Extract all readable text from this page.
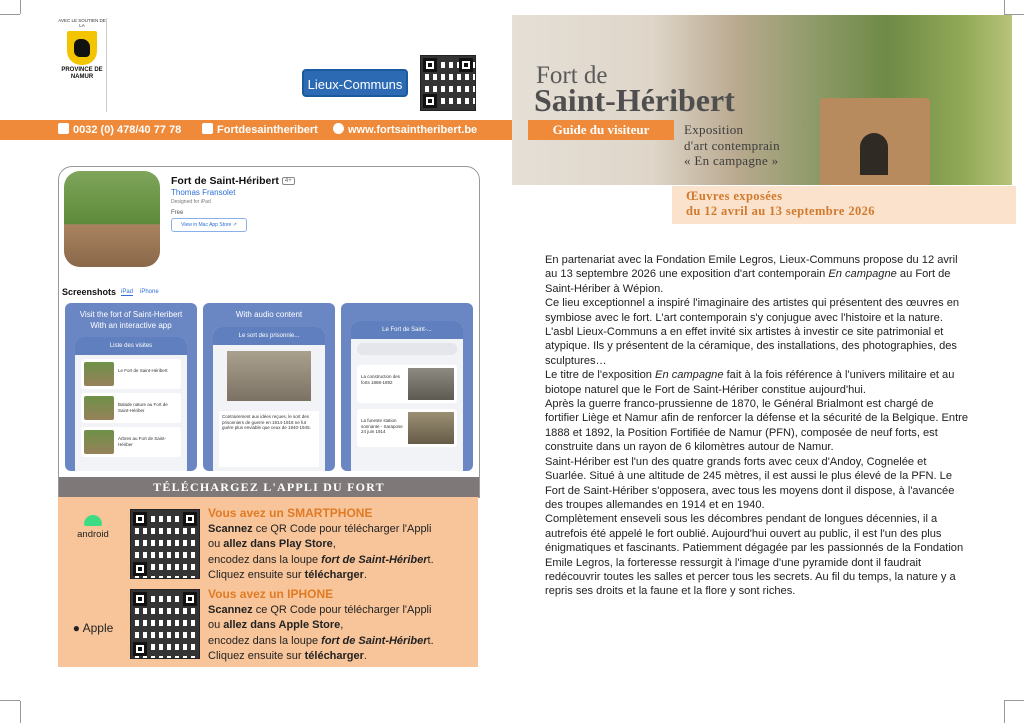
AVEC LE SOUTIEN DE LA
PROVINCE DE NAMUR	Lieux-Communs
0032 (0) 478/40 77 78	Fortdesaintheribert	www.fortsaintheribert.be
Fort de
Saint-Héribert
Guide du visiteur	Exposition
d'art contemprain
« En campagne »
Œuvres exposées
du 12 avril au 13 septembre 2026
Fort de Saint-Héribert 4+
Thomas Fransolet
Designed for iPad
Free
View in Mac App Store ↗
Screenshots iPad iPhone
Visit the fort of Saint-Heribert
With an interactive app
Liste des visites
Le Fort de Saint-Héribert
Balade nature au Fort de Saint-Hériber
Arbres au Fort de Saint-Hériber
With audio content
Le sort des prisonnie...
Contrairement aux idées reçues, le sort des prisonniers de guerre en 1914-1918 ne fut guère plus enviable que ceux de 1940-1945.
Le Fort de Saint-...
La construction des forts 1888-1892
La funeste station sonnante - Sarapose 24 juin 1914
TÉLÉCHARGEZ L'APPLI DU FORT
android
Vous avez un SMARTPHONE
Scannez ce QR Code pour télécharger l'Appli
ou allez dans Play Store,
encodez dans la loupe fort de Saint-Héribert.
Cliquez ensuite sur télécharger.
● Apple
Vous avez un IPHONE
Scannez ce QR Code pour télécharger l'Appli
ou allez dans Apple Store,
encodez dans la loupe fort de Saint-Héribert.
Cliquez ensuite sur télécharger.

En partenariat avec la Fondation Emile Legros, Lieux-Communs propose du 12 avril au 13 septembre 2026 une exposition d'art contemporain En campagne au Fort de Saint-Hériber à Wépion.

Ce lieu exceptionnel a inspiré l'imaginaire des artistes qui présentent des œuvres en symbiose avec le fort. L'art contemporain s'y conjugue avec l'histoire et la nature.

L'asbl Lieux-Communs a en effet invité six artistes à investir ce site patrimonial et atypique. Ils y présentent de la céramique, des installations, des photographies, des sculptures…

Le titre de l'exposition En campagne fait à la fois référence à l'univers militaire et au biotope naturel que le Fort de Saint-Hériber constitue aujourd'hui.

Après la guerre franco-prussienne de 1870, le Général Brialmont est chargé de fortifier Liège et Namur afin de renforcer la défense et la sécurité de la Belgique. Entre 1888 et 1892, la Position Fortifiée de Namur (PFN), composée de neuf forts, est construite dans un rayon de 6 kilomètres autour de Namur.

Saint-Hériber est l'un des quatre grands forts avec ceux d'Andoy, Cognelée et Suarlée. Situé à une altitude de 245 mètres, il est aussi le plus élevé de la PFN. Le Fort de Saint-Hériber s'opposera, avec tous les moyens dont il dispose, à l'avancée des troupes allemandes en 1914 et en 1940.

Complètement enseveli sous les décombres pendant de longues décennies, il a autrefois été appelé le fort oublié. Aujourd'hui ouvert au public, il est l'un des plus énigmatiques et fascinants. Patiemment dégagée par les passionnés de la Fondation Emile Legros, la forteresse ressurgit à l'image d'une pyramide dont il faudrait redécouvrir toutes les salles et percer tous les secrets. Au fil du temps, la nature y a repris ses droits et la faune et la flore y sont riches.
